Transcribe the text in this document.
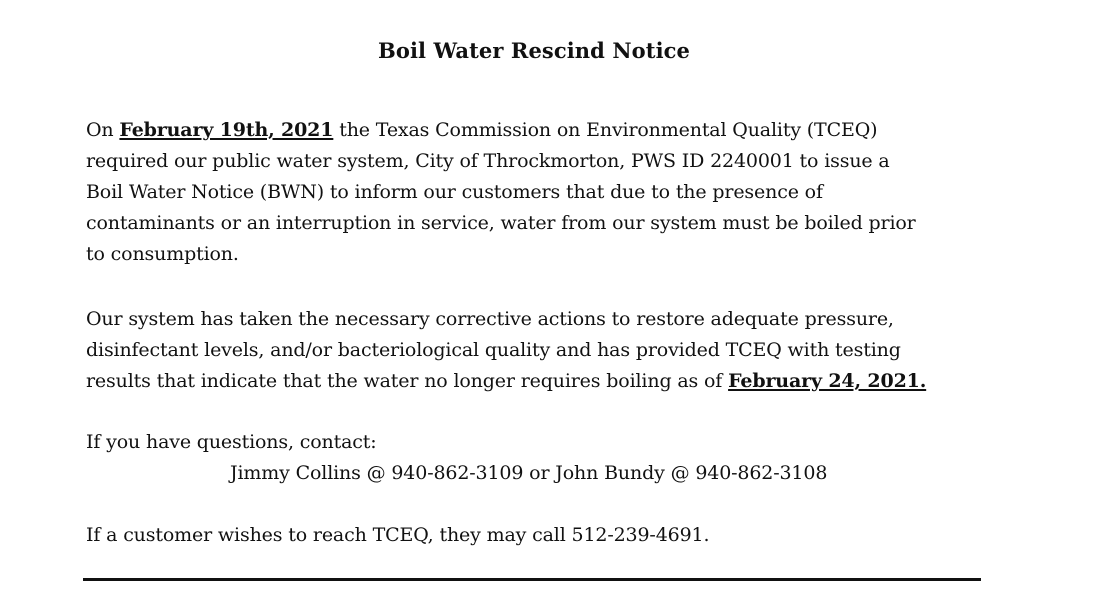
Boil Water Rescind Notice
On February 19th, 2021 the Texas Commission on Environmental Quality (TCEQ)
required our public water system, City of Throckmorton, PWS ID 2240001 to issue a
Boil Water Notice (BWN) to inform our customers that due to the presence of
contaminants or an interruption in service, water from our system must be boiled prior
to consumption.
Our system has taken the necessary corrective actions to restore adequate pressure,
disinfectant levels, and/or bacteriological quality and has provided TCEQ with testing
results that indicate that the water no longer requires boiling as of February 24, 2021.
If you have questions, contact:
Jimmy Collins @ 940-862-3109 or John Bundy @ 940-862-3108
If a customer wishes to reach TCEQ, they may call 512-239-4691.
